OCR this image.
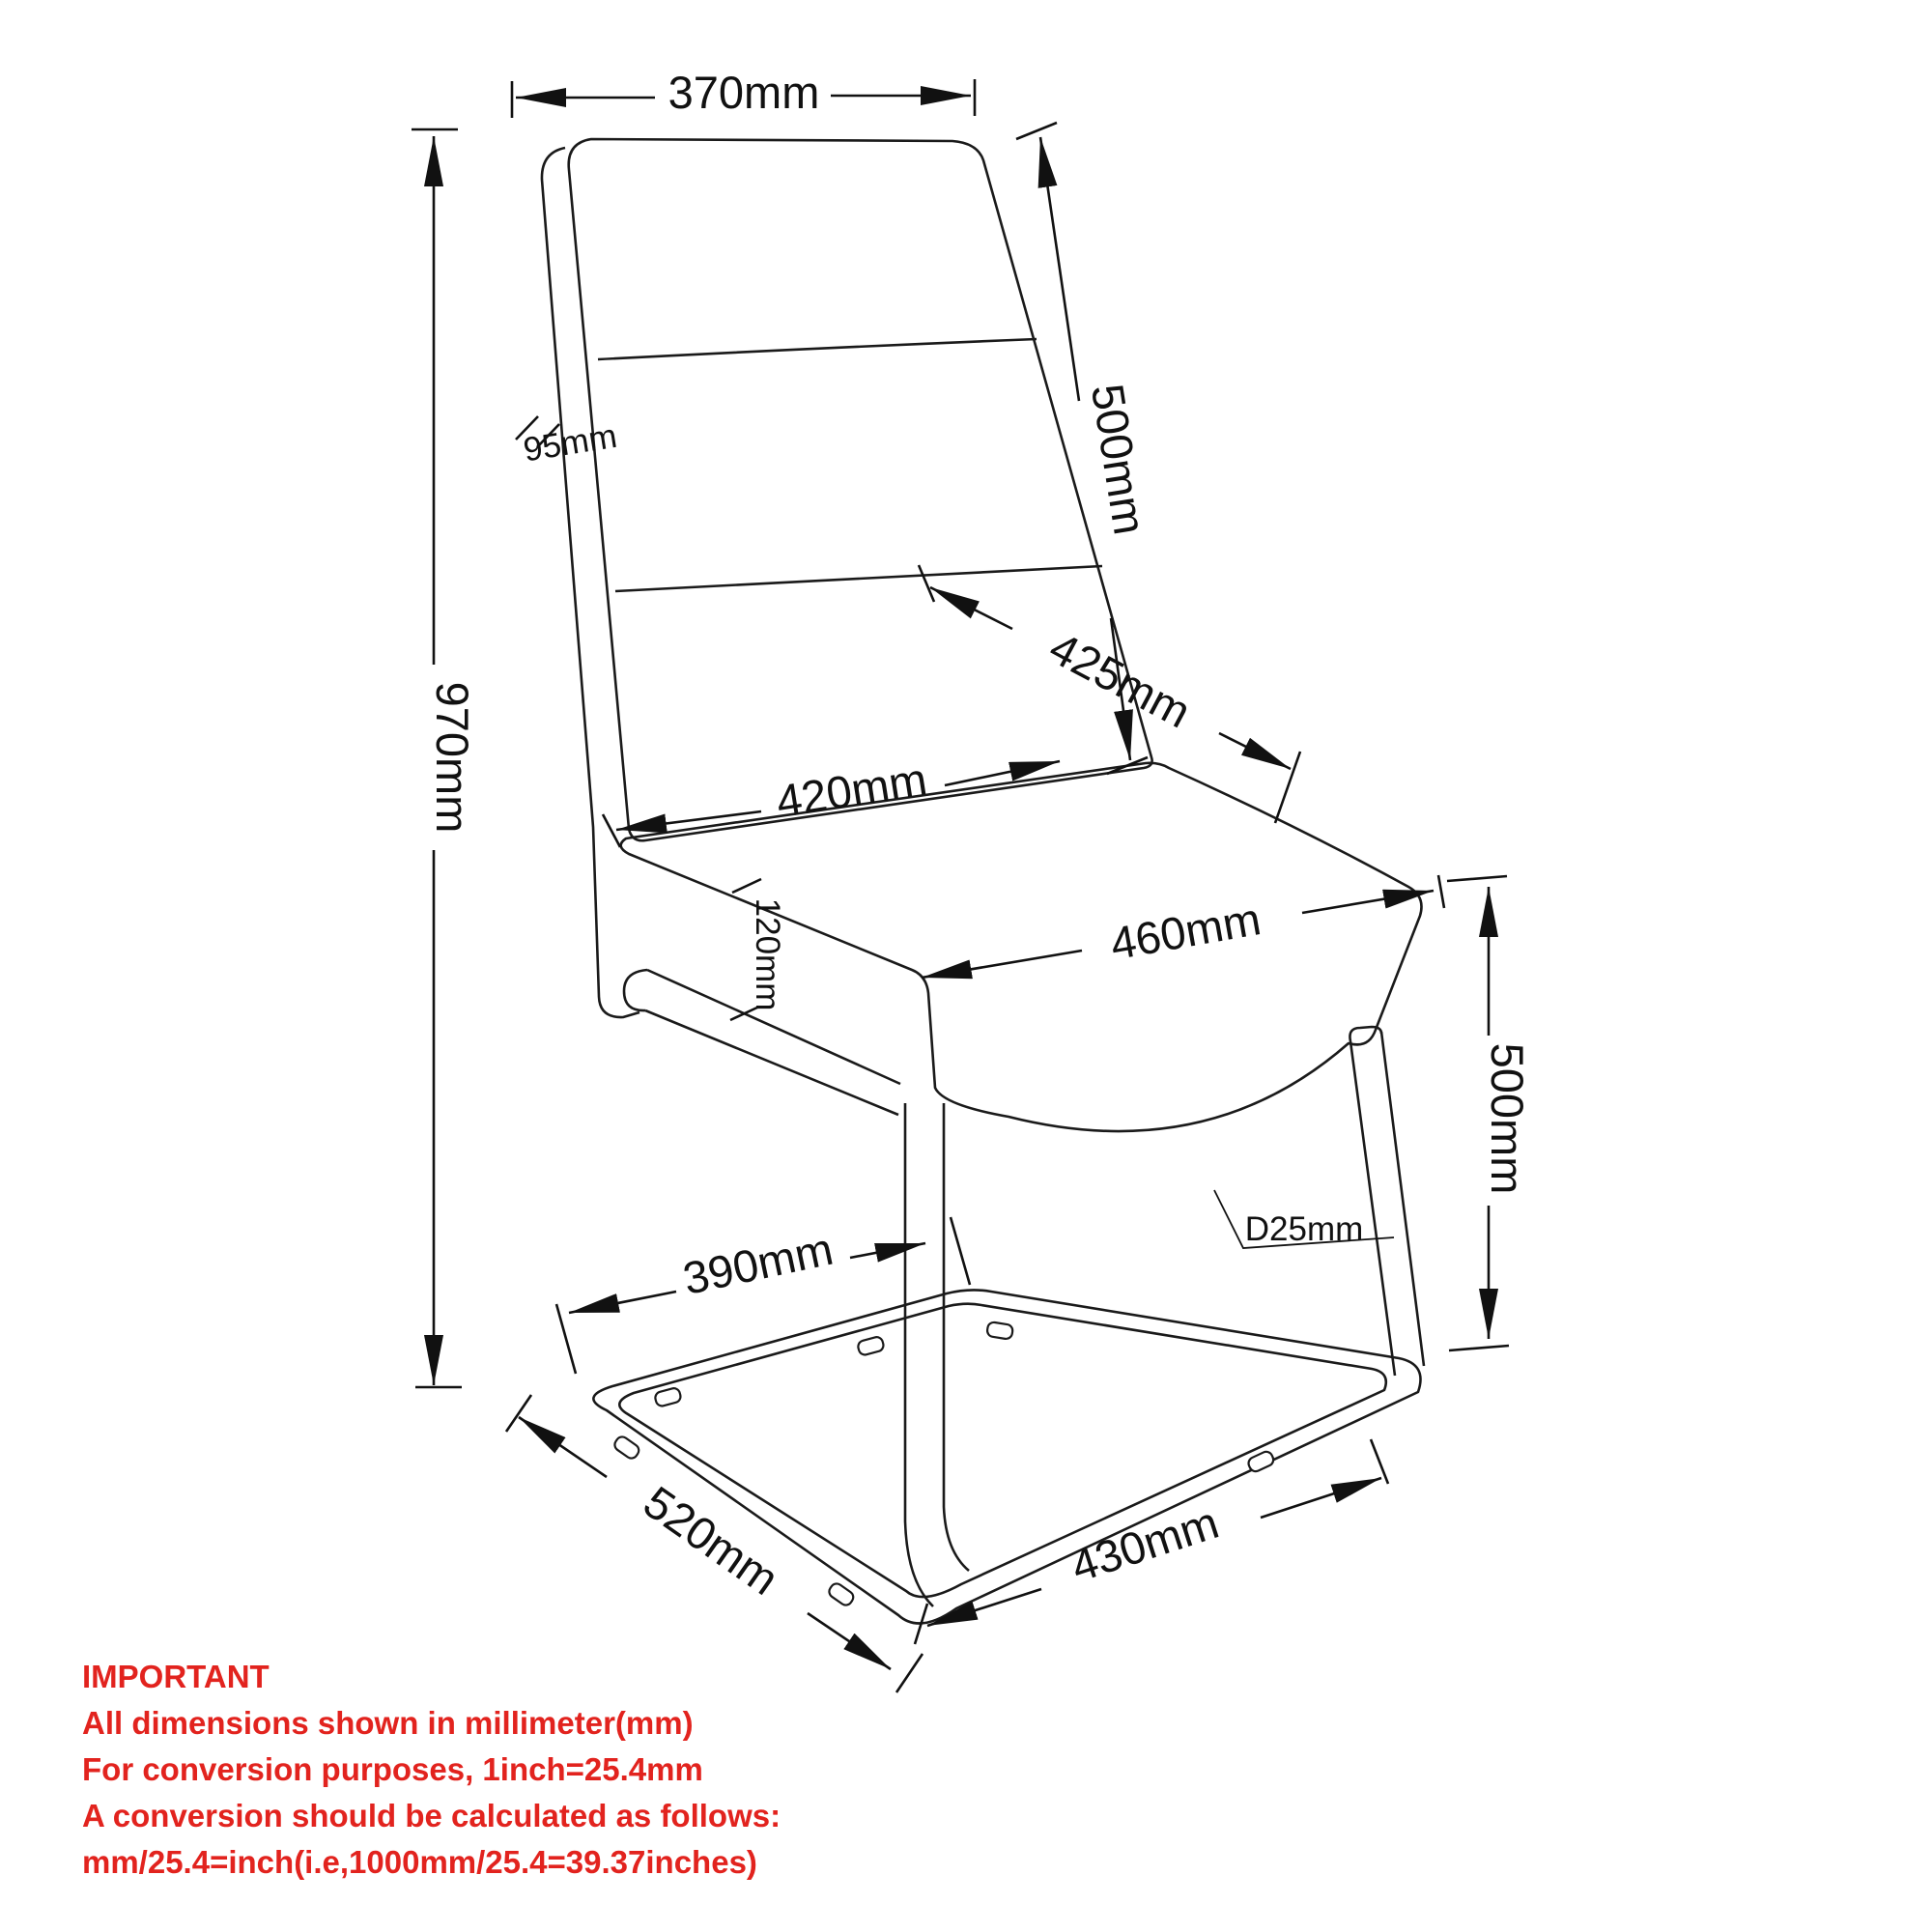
370mm
500mm
95mm
970mm
425mm
420mm
120mm	460mm
500mm
D25mm
390mm
520mm	430mm
IMPORTANT
All dimensions shown in millimeter(mm)
For conversion purposes, 1inch=25.4mm
A conversion should be calculated as follows:
mm/25.4=inch(i.e,1000mm/25.4=39.37inches)
